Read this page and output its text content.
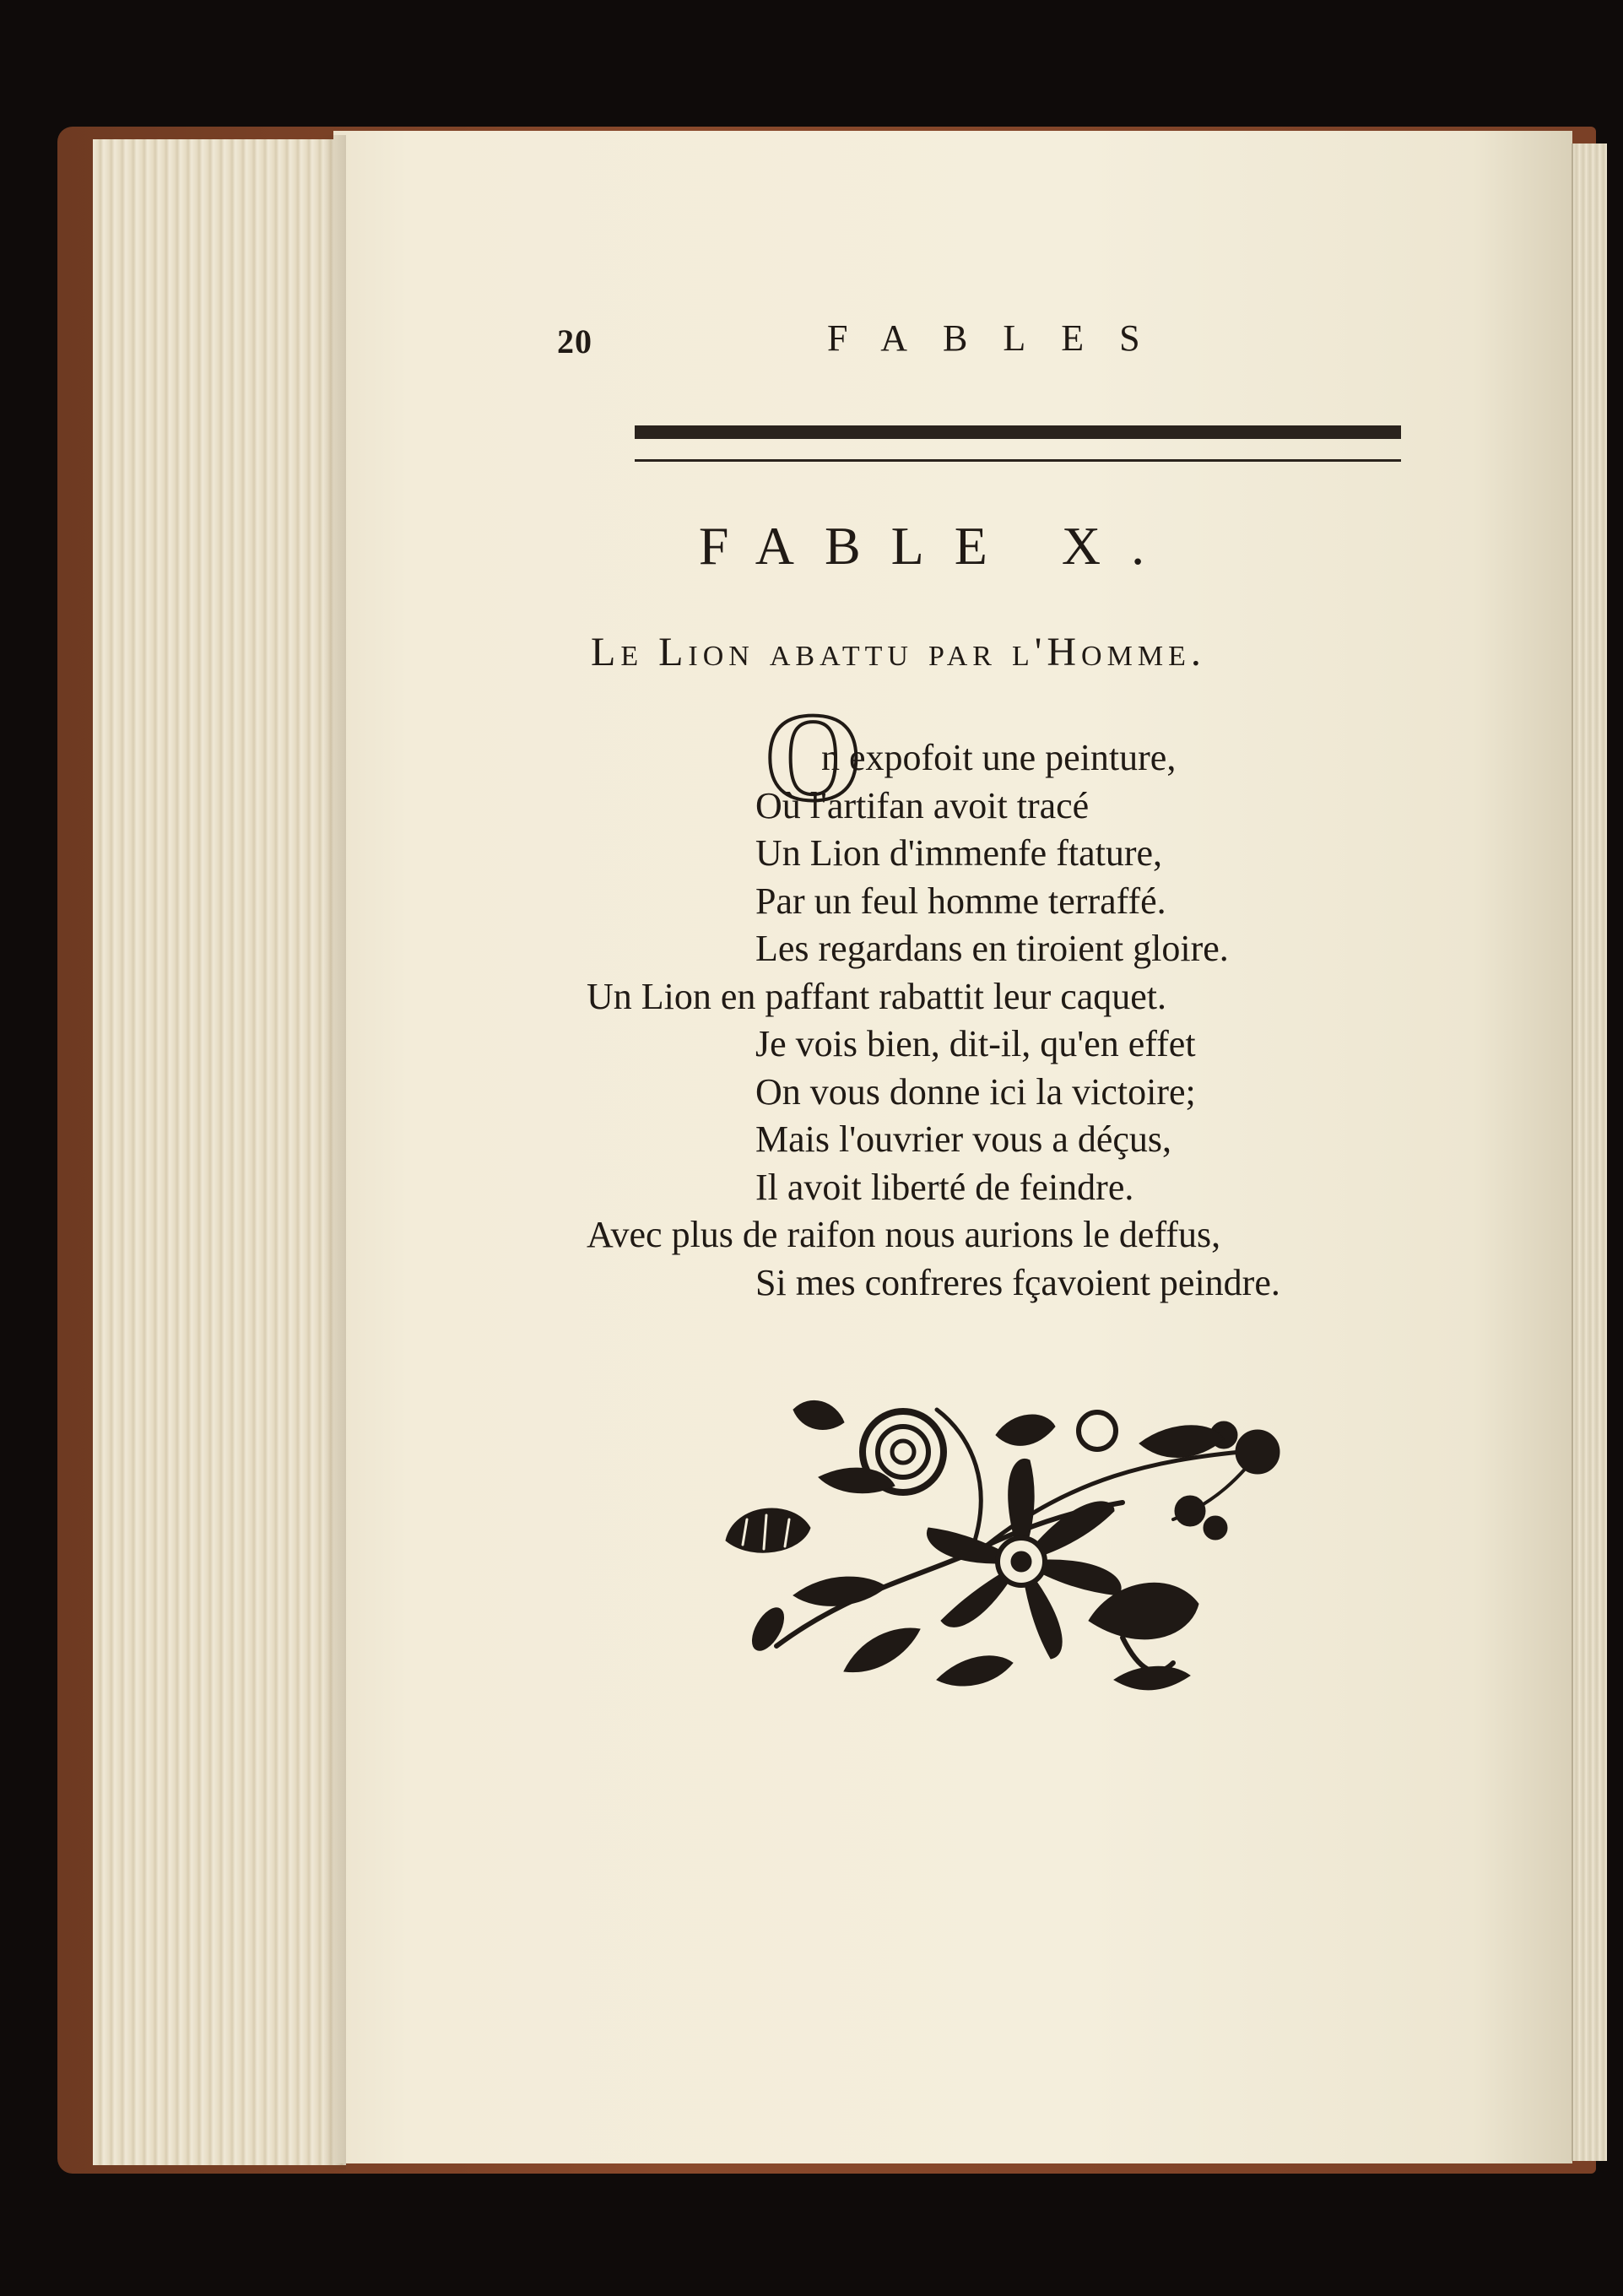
20	FABLES
FABLE X.
Le Lion abattu par l'Homme.
O
n expofoit une peinture,
Où l'artifan avoit tracé
Un Lion d'immenfe ftature,
Par un feul homme terraffé.
Les regardans en tiroient gloire.
Un Lion en paffant rabattit leur caquet.
Je vois bien, dit-il, qu'en effet
On vous donne ici la victoire;
Mais l'ouvrier vous a déçus,
Il avoit liberté de feindre.
Avec plus de raifon nous aurions le deffus,
Si mes confreres fçavoient peindre.
